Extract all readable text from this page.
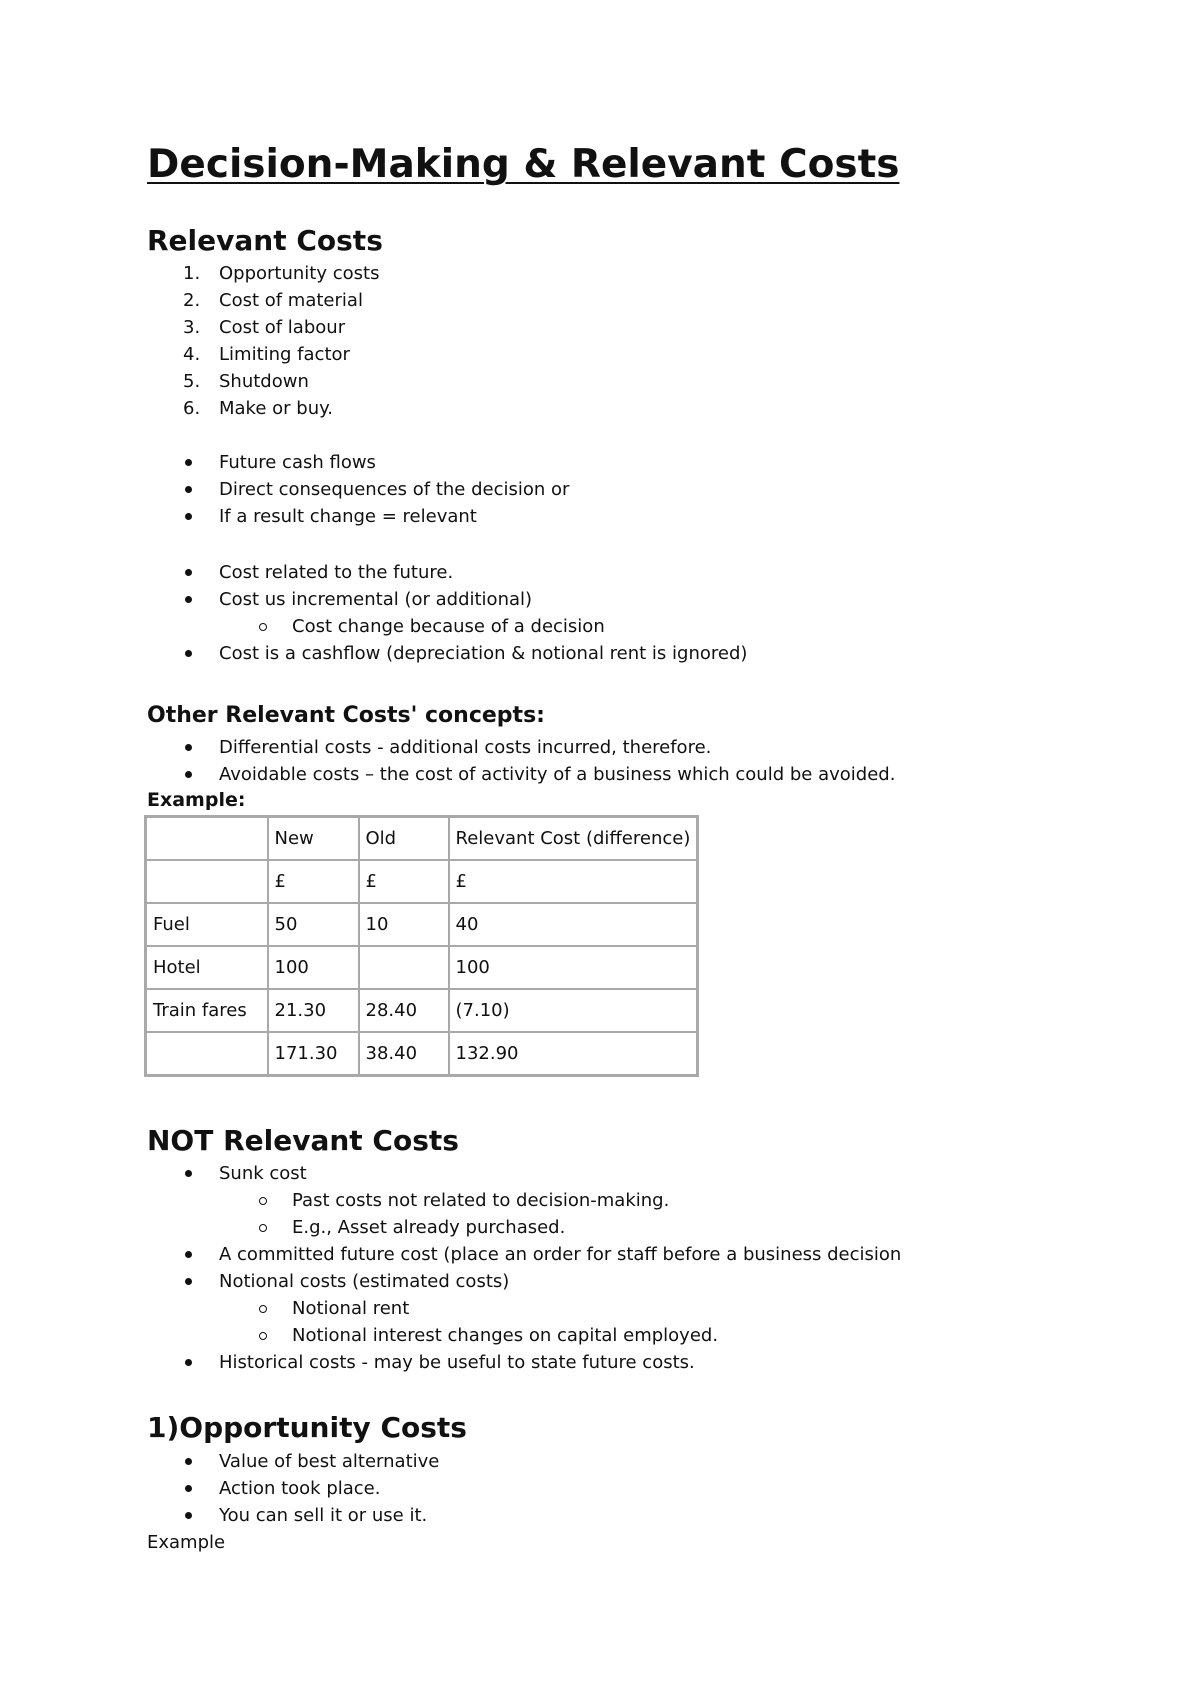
Decision-Making & Relevant Costs
Relevant Costs
1. Opportunity costs
2. Cost of material
3. Cost of labour
4. Limiting factor
5. Shutdown
6. Make or buy.
Future cash flows
Direct consequences of the decision or
If a result change = relevant
Cost related to the future.
Cost us incremental (or additional)
Cost change because of a decision
Cost is a cashflow (depreciation & notional rent is ignored)
Other Relevant Costs' concepts:
Differential costs - additional costs incurred, therefore.
Avoidable costs – the cost of activity of a business which could be avoided.
Example:
	New	Old	Relevant Cost (difference)
	£	£	£
Fuel	50	10	40
Hotel	100		100
Train fares	21.30	28.40	(7.10)
	171.30	38.40	132.90
NOT Relevant Costs
Sunk cost
Past costs not related to decision-making.
E.g., Asset already purchased.
A committed future cost (place an order for staff before a business decision
Notional costs (estimated costs)
Notional rent
Notional interest changes on capital employed.
Historical costs - may be useful to state future costs.
1)Opportunity Costs
Value of best alternative
Action took place.
You can sell it or use it.
Example
